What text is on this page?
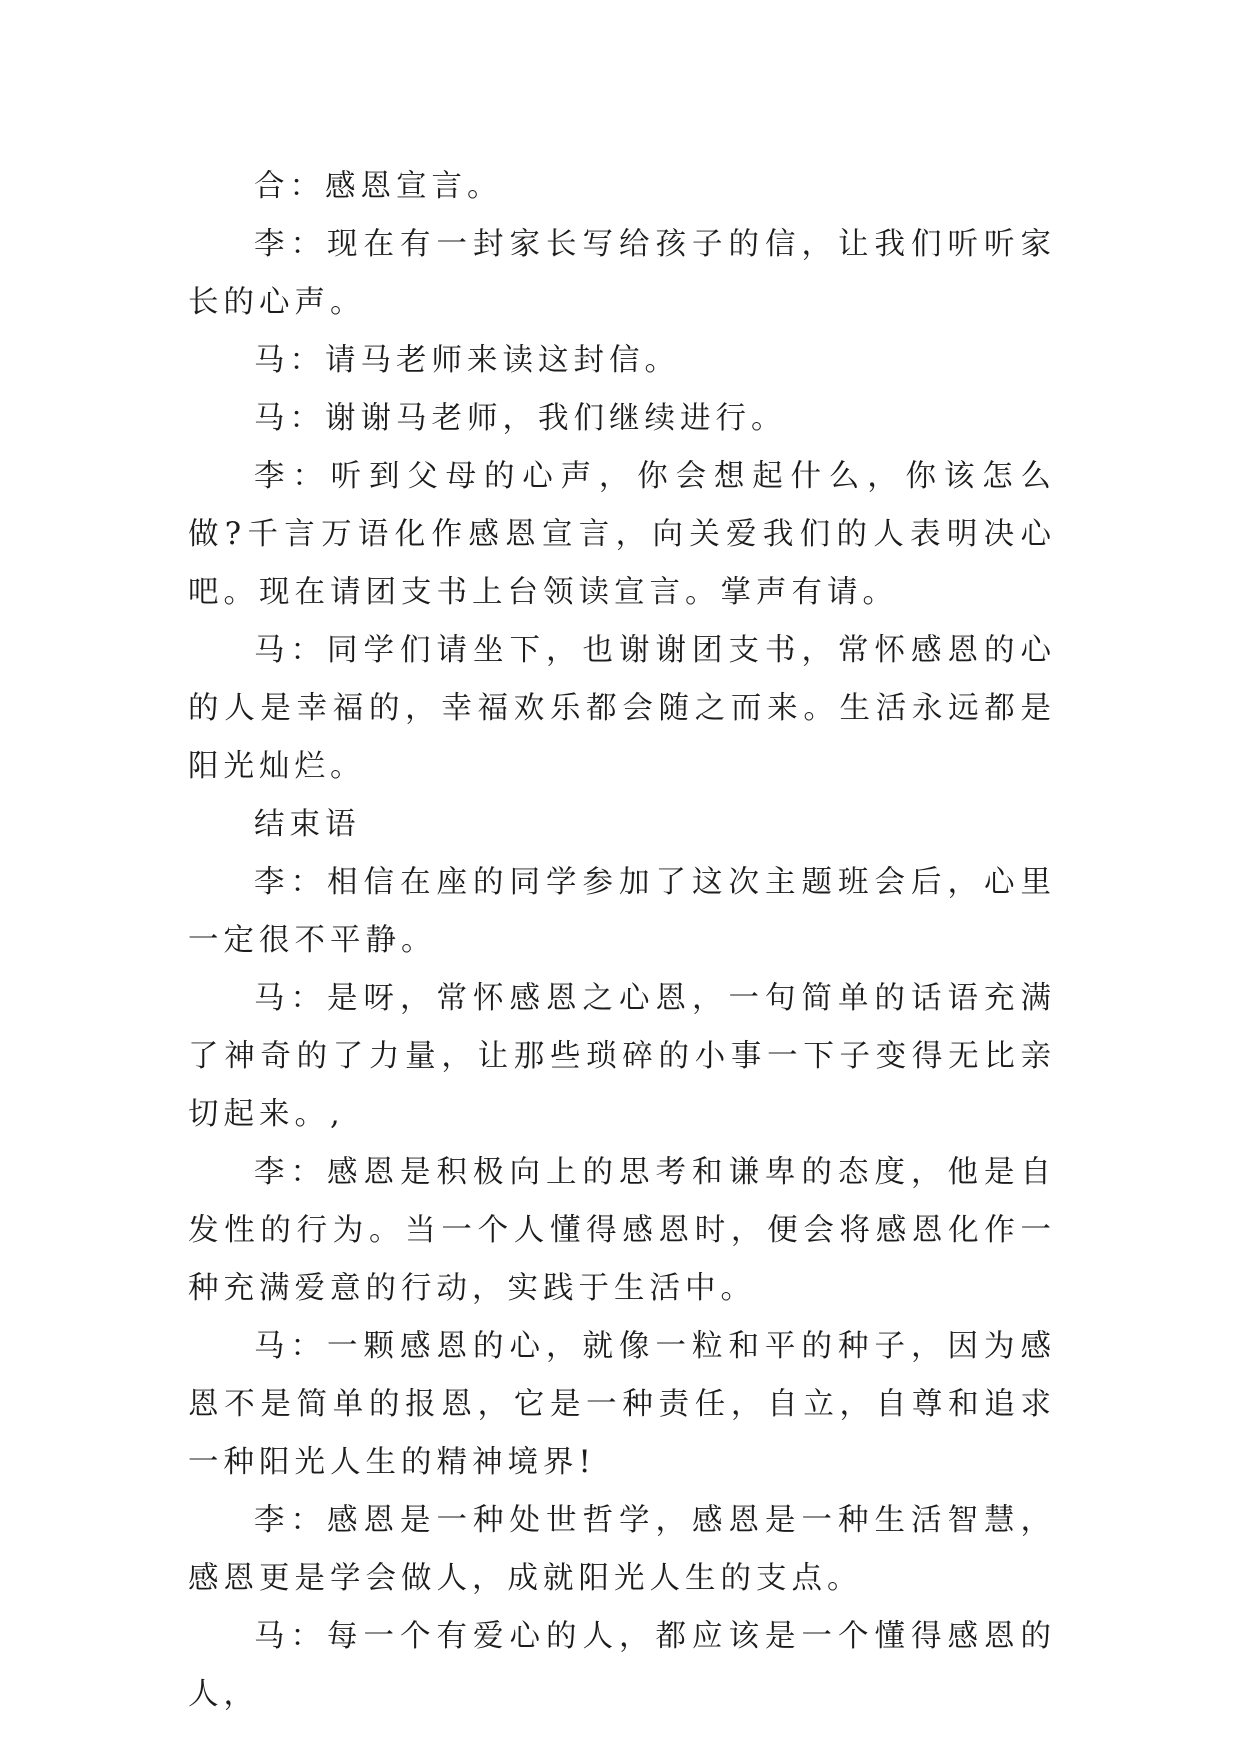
合：感恩宣言。

李：现在有一封家长写给孩子的信，让我们听听家长的心声。

马：请马老师来读这封信。

马：谢谢马老师，我们继续进行。

李：听到父母的心声，你会想起什么，你该怎么做?千言万语化作感恩宣言，向关爱我们的人表明决心吧。现在请团支书上台领读宣言。掌声有请。

马：同学们请坐下，也谢谢团支书，常怀感恩的心的人是幸福的，幸福欢乐都会随之而来。生活永远都是阳光灿烂。

结束语

李：相信在座的同学参加了这次主题班会后，心里一定很不平静。

马：是呀，常怀感恩之心恩，一句简单的话语充满了神奇的了力量，让那些琐碎的小事一下子变得无比亲切起来。,

李：感恩是积极向上的思考和谦卑的态度，他是自发性的行为。当一个人懂得感恩时，便会将感恩化作一种充满爱意的行动，实践于生活中。

马：一颗感恩的心，就像一粒和平的种子，因为感恩不是简单的报恩，它是一种责任，自立，自尊和追求一种阳光人生的精神境界!

李：感恩是一种处世哲学，感恩是一种生活智慧，感恩更是学会做人，成就阳光人生的支点。

马：每一个有爱心的人，都应该是一个懂得感恩的人，
